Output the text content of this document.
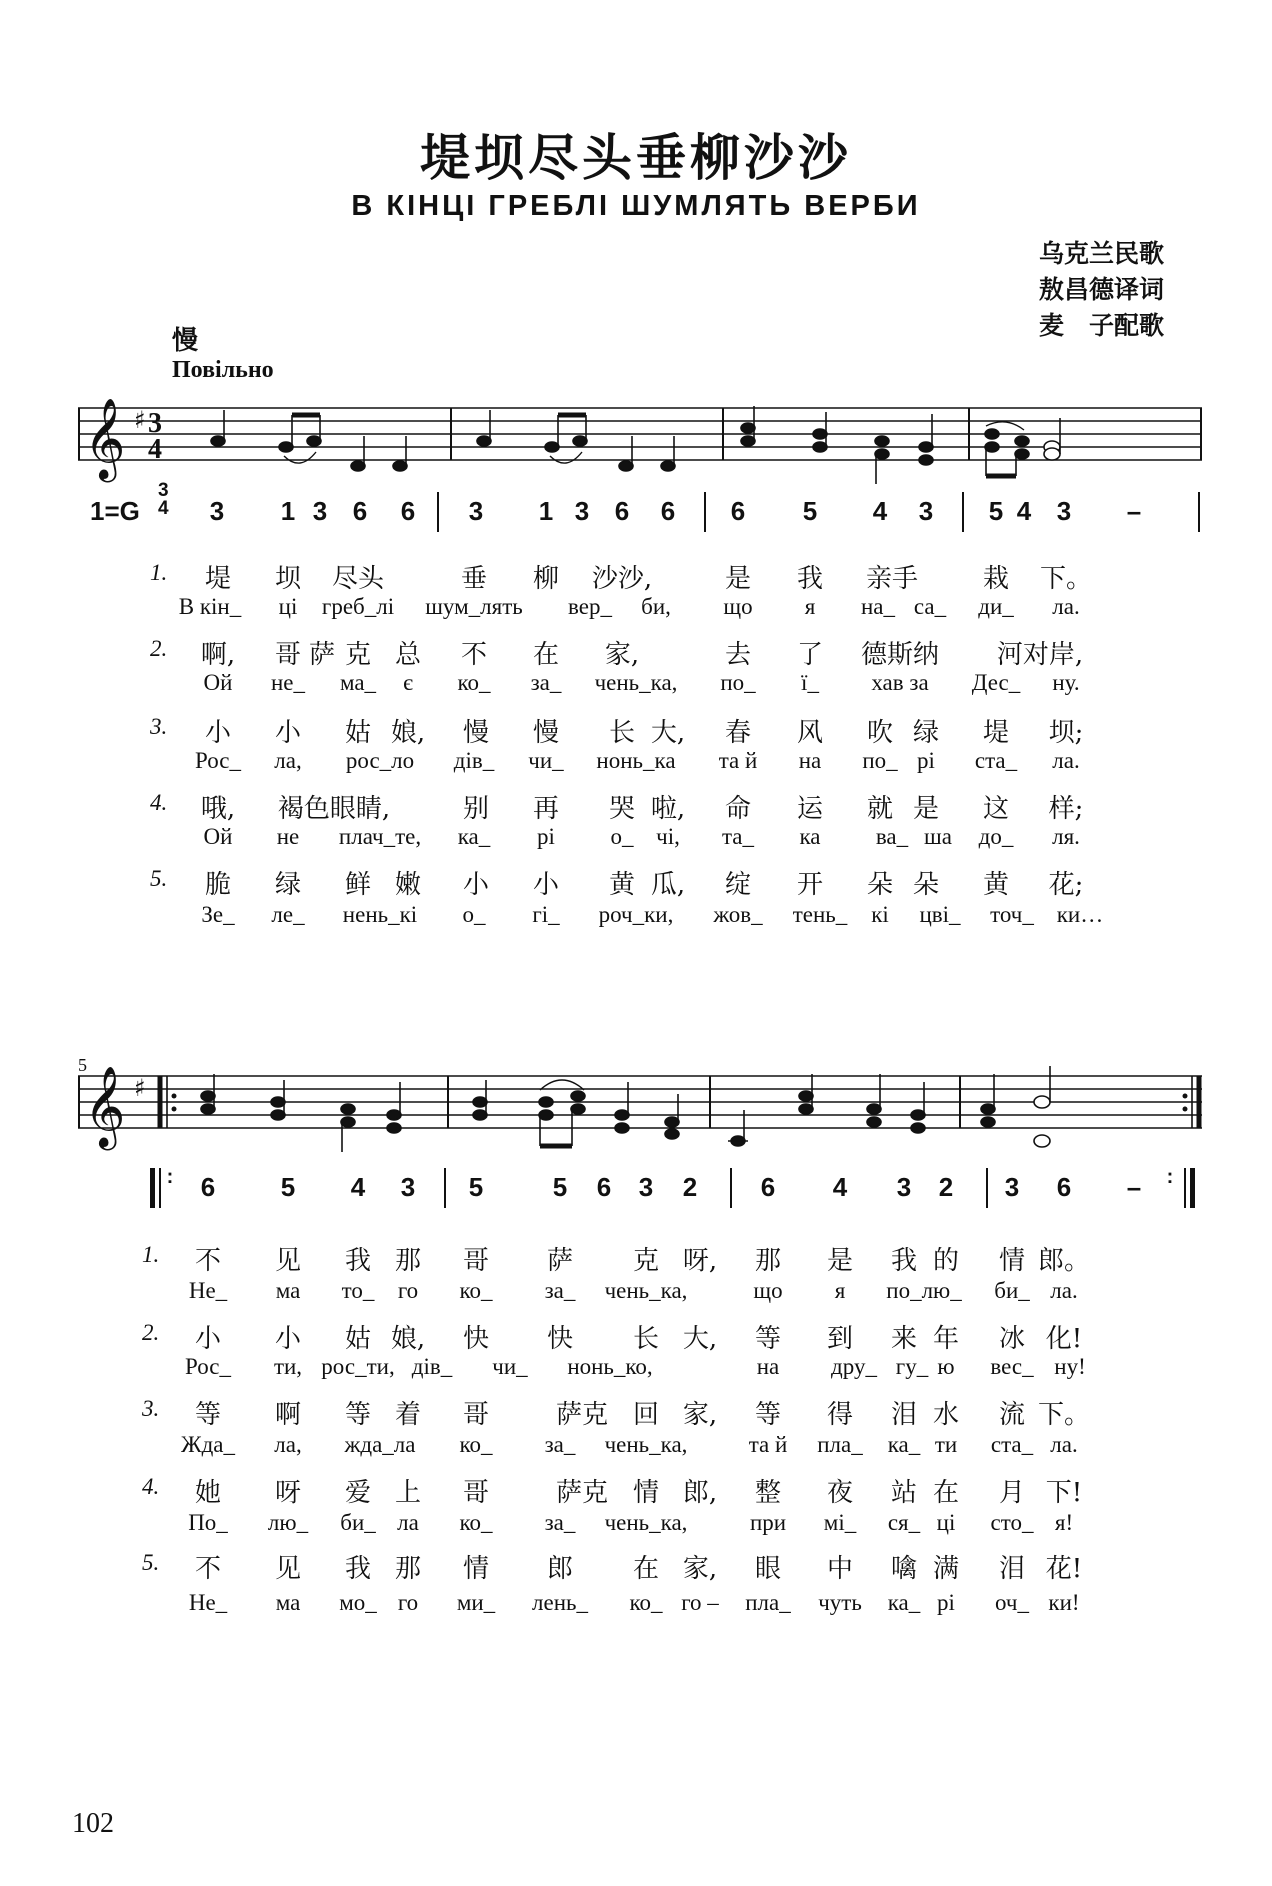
堤坝尽头垂柳沙沙
В КІНЦІ ГРЕБЛІ ШУМЛЯТЬ ВЕРБИ
乌克兰民歌
敖昌德译词
麦　子配歌
慢
Повільно
𝄞 ♯ 3
4
1=G
3
4 3 1 3 6 6 3 1 3 6 6 6 5 4 3 5 4 3 –
1. 堤 坝 尽头	垂 柳 沙沙,	是 我 亲手 栽 下。
В кін_ ці греб_лі шум_лять вер_ би, що я на_ са_ ди_ ла.
2. 啊, 哥 萨 克 总 不 在 家,	去 了 德斯纳 河对岸,
Ой не_ ма_ є ко_ за_ чень_ка, по_ ї_ хав за Дес_ ну.
3. 小 小 姑 娘, 慢 慢 长 大, 春 风 吹 绿 堤 坝;
Рос_ ла, рос_ло дів_ чи_ нонь_ка та й на по_ рі ста_ ла.
4. 哦, 褐色眼睛,	别 再 哭 啦, 命 运 就 是 这 样;
Ой не плач_те, ка_ рі о_ чі, та_ ка ва_ ша до_ ля.
5. 脆 绿 鲜 嫩 小 小 黄 瓜, 绽 开 朵 朵 黄 花;
Зе_ ле_ нень_кі о_ гі_ роч_ки, жов_ тень_ кі цві_ точ_ ки…
5
𝄞 ♯
: 6	5 4 3 5	5 6 3 2 6 4 3 2 3 6 – :
1. 不 见 我 那 哥 萨 克 呀, 那 是 我 的 情 郎。
Не_ ма то_ го ко_ за_ чень_ка,	що я по_лю_ би_ ла.
2. 小 小 姑 娘, 快 快 长 大, 等 到 来 年 冰 化!
Рос_ ти, рос_ти, дів_ чи_ нонь_ко,	на дру_ гу_ ю вес_ ну!
3. 等 啊 等 着 哥	萨克 回 家, 等 得 泪 水 流 下。
Жда_ ла, жда_ла ко_ за_ чень_ка,	та й пла_ ка_ ти ста_ ла.
4. 她 呀 爱 上 哥	萨克 情 郎, 整 夜 站 在 月 下!
По_ лю_ би_ ла ко_ за_ чень_ка,	при мі_ ся_ ці сто_ я!
5. 不 见 我 那 情 郎 在 家, 眼 中 噙 满 泪 花!
Не_ ма мо_ го ми_ лень_ ко_ го – пла_ чуть ка_ рі оч_ ки!
102
